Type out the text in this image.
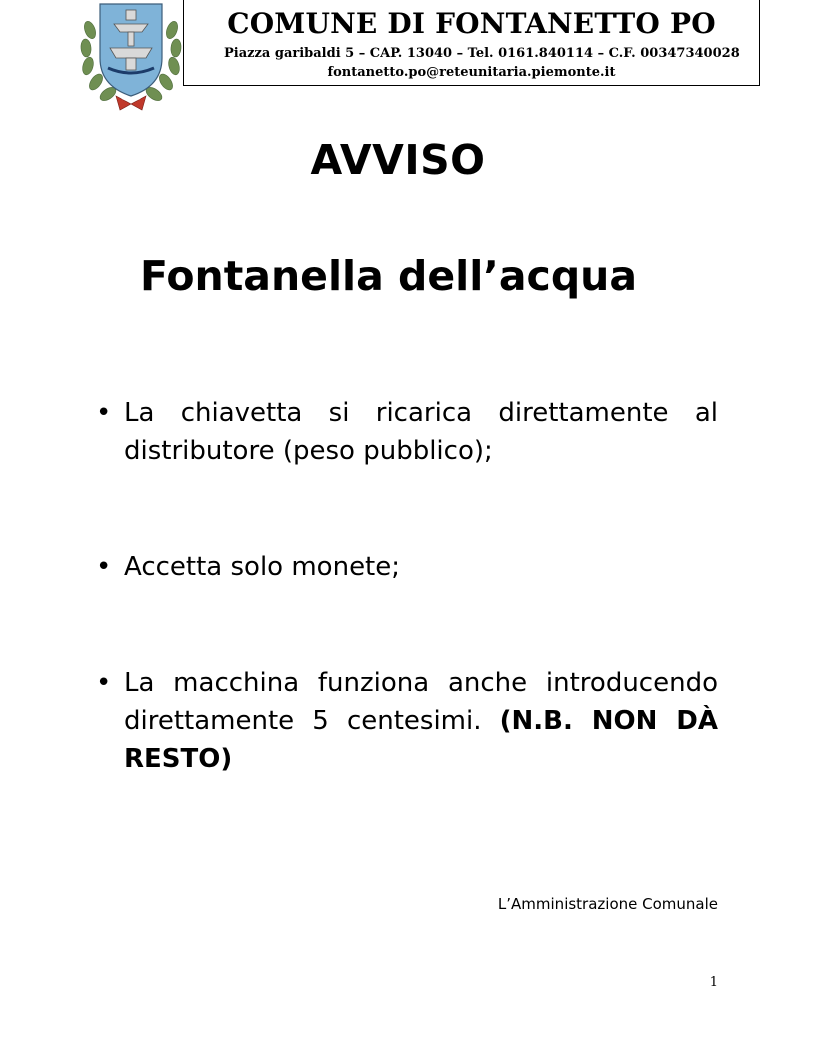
COMUNE DI FONTANETTO PO
Piazza garibaldi 5 – CAP. 13040 – Tel. 0161.840114 – C.F. 00347340028
fontanetto.po@reteunitaria.piemonte.it
AVVISO
Fontanella dell’acqua
• La chiavetta si ricarica direttamente al distributore (peso pubblico);
• Accetta solo monete;
• La macchina funziona anche introducendo direttamente 5 centesimi. (N.B. NON DÀ RESTO)
L’Amministrazione Comunale
1
